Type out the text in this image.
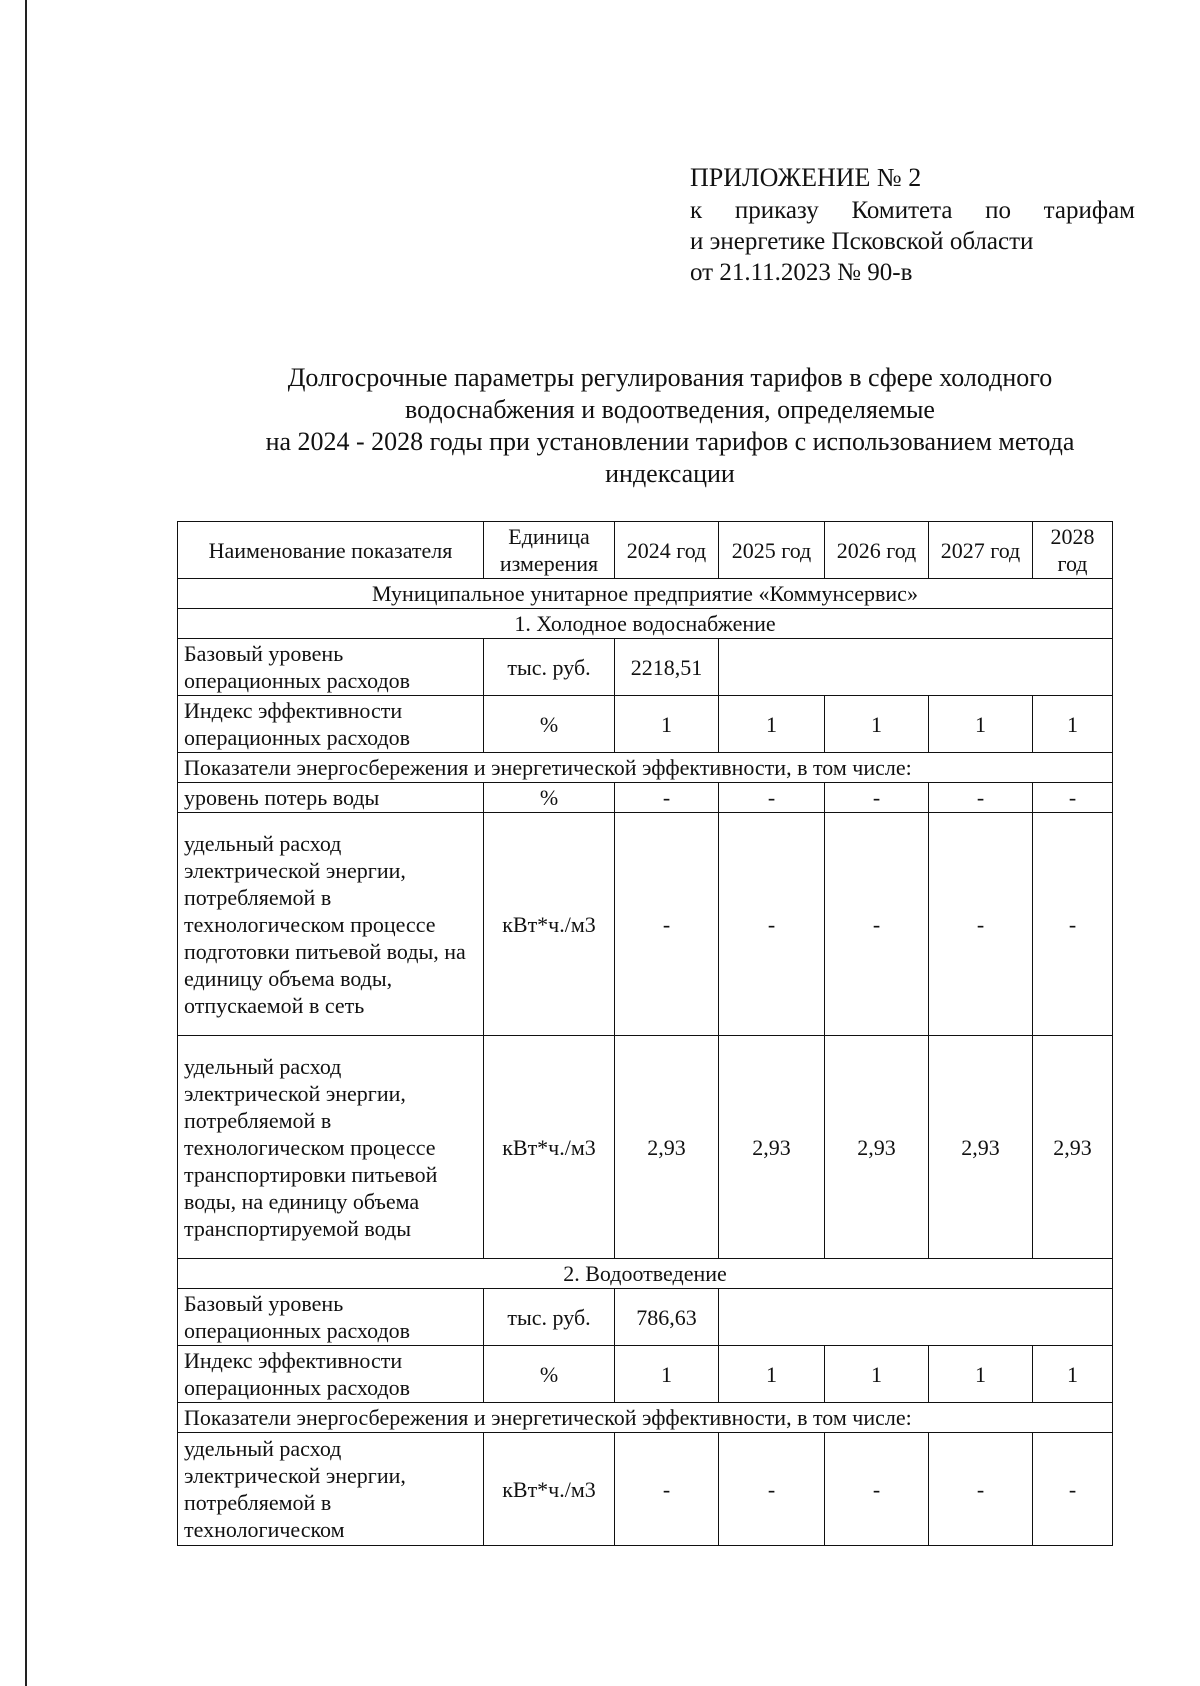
ПРИЛОЖЕНИЕ № 2
к приказу Комитета по тарифам
и энергетике Псковской области
от 21.11.2023 № 90-в
Долгосрочные параметры регулирования тарифов в сфере холодного
водоснабжения и водоотведения, определяемые
на 2024 - 2028 годы при установлении тарифов с использованием метода
индексации
Наименование показателя	Единица измерения	2024 год	2025 год	2026 год	2027 год	2028 год
Муниципальное унитарное предприятие «Коммунсервис»						
1. Холодное водоснабжение						
Базовый уровень операционных расходов	тыс. руб.	2218,51				
Индекс эффективности операционных расходов	%	1	1	1	1	1
Показатели энергосбережения и энергетической эффективности, в том числе:						
уровень потерь воды	%	-	-	-	-	-
удельный расход электрической энергии, потребляемой в технологическом процессе подготовки питьевой воды, на единицу объема воды, отпускаемой в сеть	кВт*ч./м3	-	-	-	-	-
удельный расход электрической энергии, потребляемой в технологическом процессе транспортировки питьевой воды, на единицу объема транспортируемой воды	кВт*ч./м3	2,93	2,93	2,93	2,93	2,93
2. Водоотведение						
Базовый уровень операционных расходов	тыс. руб.	786,63				
Индекс эффективности операционных расходов	%	1	1	1	1	1
Показатели энергосбережения и энергетической эффективности, в том числе:						
удельный расход электрической энергии, потребляемой в технологическом	кВт*ч./м3	-	-	-	-	-
